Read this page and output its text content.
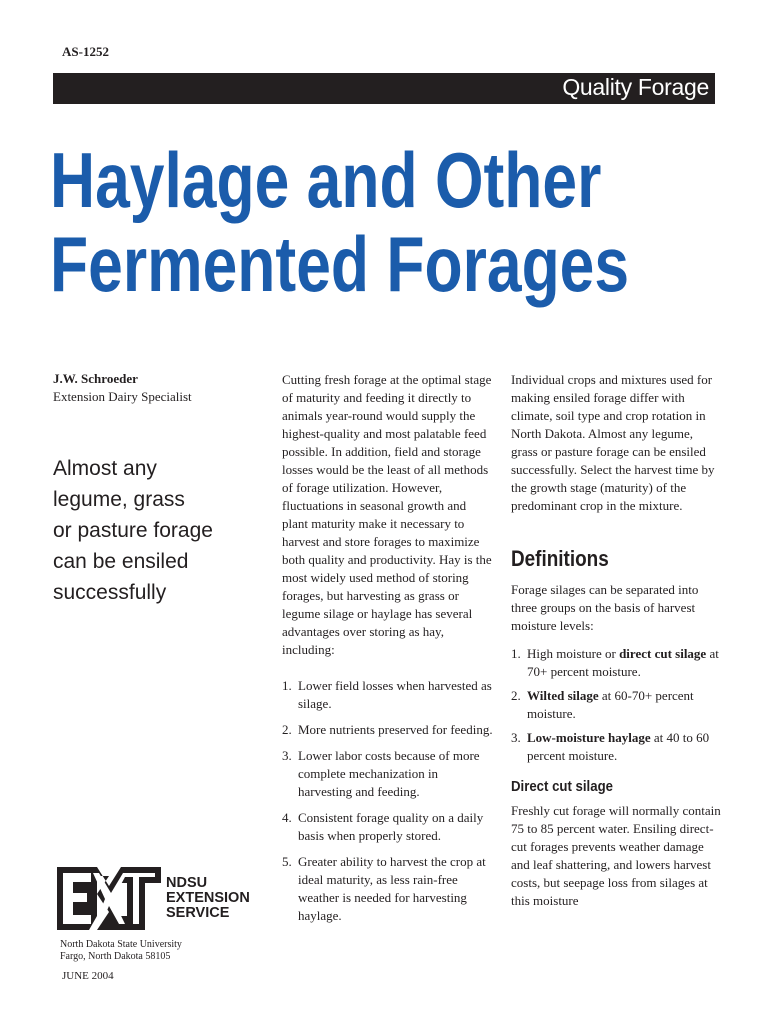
AS-1252
Quality Forage
Haylage and Other
Fermented Forages
J.W. Schroeder
Extension Dairy Specialist
Almost any
legume, grass
or pasture forage
can be ensiled
successfully

Cutting fresh forage at the optimal stage of maturity and feeding it directly to animals year-round would supply the highest-quality and most palatable feed possible. In addition, field and storage losses would be the least of all methods of forage utilization. However, fluctuations in seasonal growth and plant maturity make it necessary to harvest and store forages to maximize both quality and productivity. Hay is the most widely used method of storing forages, but harvesting as grass or legume silage or haylage has several advantages over storing as hay, including:

1. Lower field losses when harvested as silage.
2. More nutrients preserved for feeding.
3. Lower labor costs because of more complete mechanization in harvesting and feeding.
4. Consistent forage quality on a daily basis when properly stored.
5. Greater ability to harvest the crop at ideal maturity, as less rain-free weather is needed for harvesting haylage.

Individual crops and mixtures used for making ensiled forage differ with climate, soil type and crop rotation in North Dakota. Almost any legume, grass or pasture forage can be ensiled successfully. Select the harvest time by the growth stage (maturity) of the predominant crop in the mixture.

Definitions

Forage silages can be separated into three groups on the basis of harvest moisture levels:

1. High moisture or direct cut silage at 70+ percent moisture.
2. Wilted silage at 60-70+ percent moisture.
3. Low-moisture haylage at 40 to 60 percent moisture.
Direct cut silage

Freshly cut forage will normally contain 75 to 85 percent water. Ensiling direct-cut forages prevents weather damage and leaf shattering, and lowers harvest costs, but seepage loss from silages at this moisture

NDSU
EXTENSION
SERVICE
North Dakota State University
Fargo, North Dakota 58105
JUNE 2004
